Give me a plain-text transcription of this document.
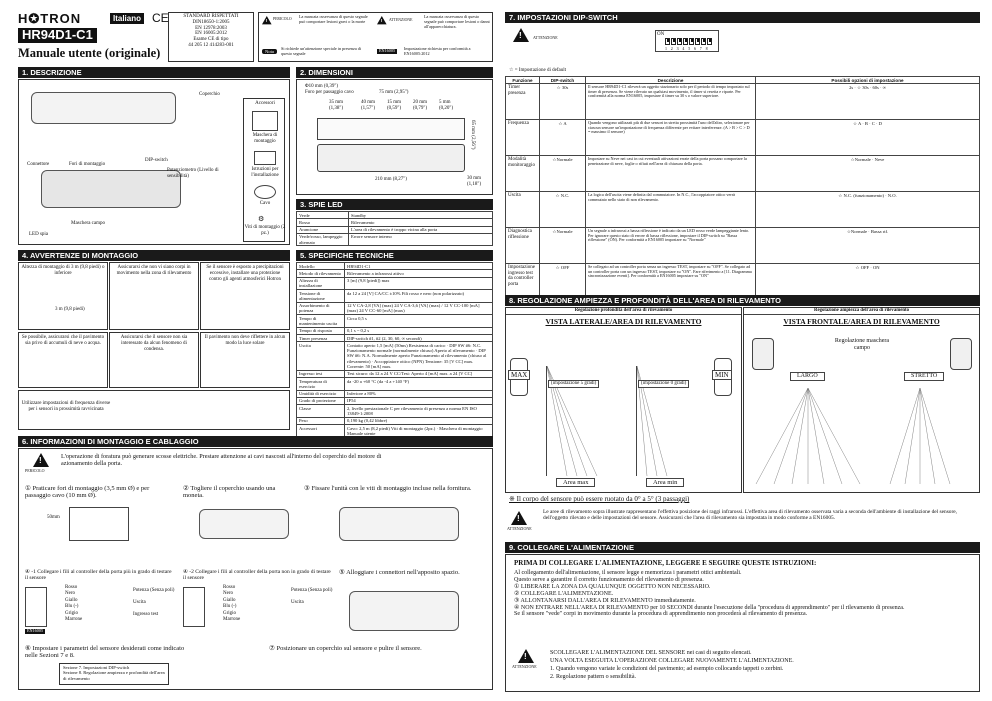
H✪TRON	Italiano CE
HR94D1-C1
Manuale utente (originale)
STANDARD RISPETTATI
DIN18650-1:2005
EN 12978:2003
EN 16005:2012
Esame CE di tipo
44 205 12 414283-001
!
PERICOLO La mancata osservanza di questo segnale può comportare lesioni gravi o la morte !	ATTENZIONE
La mancata osservanza di questo segnale può comportare lesioni o danni all'apparecchiatura.
Nota
Si richiede un'attenzione speciale in presenza di questo segnale
EN16005	Impostazione richiesta per conformità a EN16005:2012
1. DESCRIZIONE
Coperchio
Connettore	Fori di montaggio
DIP-switch
Potenziometro (Livello di sensibilità)
Maschera campo
LED spia
Accessori
Maschera di montaggio
Istruzioni per l'installazione
Cavo
⚙
Viti di montaggio (2 pz.)
2. DIMENSIONI
Φ10 mm (0,39")
Foro per passaggio cavo	75 mm (2,95")
35 mm (1,38")
40 mm (1,57")
15 mm (0,59")
20 mm (0,79")
5 mm (0,20")
210 mm (8,27")
65 mm (2,56")
30 mm (1,18")
3. SPIE LED
Verde	Standby
Rosso	Rilevamento
Arancione	L'area di rilevamento è troppo vicina alla porta
Verde/rosso, lampeggio alternato	Errore sensore interno
4. AVVERTENZE DI MONTAGGIO
Altezza di montaggio di 3 m (9,8 piedi) o inferiore
3 m (9,8 piedi)
Assicurarsi che non vi siano corpi in movimento nella zona di rilevamento
Se il sensore è esposto a precipitazioni eccessive, installare una protezione contro gli agenti atmosferici Hotron
Se possibile, assicurarsi che il pavimento sia privo di accumuli di neve o acqua.
Assicurarsi che il sensore non sia interessato da alcun fenomeno di condensa.
Il pavimento non deve riflettere in alcun modo la luce solare
Utilizzare impostazioni di frequenza diverse per i sensori in prossimità ravvicinata
5. SPECIFICHE TECNICHE
Modello	HR94D1-C1
Metodo di rilevamento	Rilevamento a infrarossi attivo
Altezza di installazione	3 [m] (9,8 [piedi]) max
Tensione di alimentazione	da 12 a 24 [V] CA/CC ±10% Fili rosso e nero (non polarizzato)
Assorbimento di potenza	12 V CA-2,8 [VA] (max) 24 V CA-3,6 [VA] (max) / 12 V CC-100 [mA] (max) 24 V CC-60 [mA] (max)
Tempo di mantenimento uscita	Circa 0,5 s
Tempo di risposta	0,1 s ~ 0,2 s
Timer presenza	DIP-switch #1, #2 (2, 30, 60, ∞ secondi)
Uscita	Contatto aperto 1,5 [mA] (50ms) Resistenza di carico · DIP SW #6: N.C. Funzionamento normale (normalmente chiuso) Aperto al rilevamento · DIP SW #6: N.A. Normalmente aperto Funzionamento al rilevamento (chiuso al rilevamento) · Accoppiatore ottico (NPN) Tensione: 35 [V CC] max. Corrente: 50 [mA] max.
Ingresso test	Test sicuro: da 12 a 24 V CC/Test: Aperto 4 [mA] max. a 24 [V CC]
Temperatura di esercizio	da -20 a +60 °C (da -4 a +140 °F)
Umidità di esercizio	Inferiore a 80%
Grado di protezione	IP54
Classe	2, livello prestazionale C per rilevamento di presenza a norma EN ISO 13849-1:2008
Peso	0,190 kg (0,42 libbre)
Accessori	Cavo: 2,5 m (8,2 piedi) Viti di montaggio (2pz.) · Maschera di montaggio Manuale utente
6. INFORMAZIONI DI MONTAGGIO E CABLAGGIO
!
PERICOLO
L'operazione di foratura può generare scosse elettriche. Prestare attenzione ai cavi nascosti all'interno del coperchio del motore di azionamento della porta.
① Praticare fori di montaggio (3,5 mm Ø) e per passaggio cavo (10 mm Ø).
50mm
② Togliere il coperchio usando una moneta.
③ Fissare l'unità con le viti di montaggio incluse nella fornitura.
④ -1 Collegare i fili al controller della porta più in grado di testare il sensore
Rosso
Nero
Giallo
Blu (-)
Grigio
Marrone
Potenza (Senza poli)
Uscita
Ingresso test
EN16005
④ -2 Collegare i fili al controller della porta non in grado di testare il sensore
Rosso
Nero
Giallo
Blu (-)
Grigio
Marrone
Potenza (Senza poli)
Uscita
⑤ Alloggiare i connettori nell'apposito spazio.
⑥ Impostare i parametri del sensore desiderati come indicato nelle Sezioni 7 e 8.
Sezione 7. Impostazioni DIP-switch
Sezione 8. Regolazione ampiezza e profondità dell'area di rilevamento
⑦ Posizionare un coperchio sul sensore e pulire il sensore.
7. IMPOSTAZIONI DIP-SWITCH
!
ATTENZIONE
ON
1 2 3 4 5 6 7 8
☆ = Impostazione di default
Funzione	DIP-switch	Descrizione	Possibili opzioni di impostazione
Timer presenza	☆ 30s	Il sensore HR94D1-C1 rileverà un oggetto stazionario solo per il periodo di tempo impostato sul timer di presenza. Se viene rilevato un qualsiasi movimento, il timer si resetta e riparte. Per conformità alla norma EN16005, impostare il timer su 30 s o valore superiore.	2s · ☆ 30s · 60s · ∞
Frequenza	☆ A	Quando vengono utilizzati più di due sensori in stretta prossimità l'uno dell'altro, selezionare per ciascun sensore un'impostazione di frequenza differente per evitare interferenze. (A > B > C > D = massimo il sensore)	☆ A · B · C · D
Modalità monitoraggio	☆Normale	Impostare su Neve nei casi in cui eventuali attivazioni errate della porta possano comportare la penetrazione di neve, foglie o rifiuti nell'area di chiusura della porta.	☆Normale · Neve
Uscita	☆ N.C.	La logica dell'uscita viene definita dal commutatore. In N.C., l'accoppiatore ottico verrà commutato nello stato di non rilevamento.	☆ N.C. (funzionamento) · N.O.
Diagnostica riflessione	☆Normale	Un segnale a infrarossi a bassa riflessione è indicato da un LED rosso verde lampeggiante lento. Per ignorare questo stato di errore di bassa riflessione, impostare il DIP-switch su "Bassa riflessione" (ON). Per conformità a EN16005 impostare su "Normale"	☆Normale · Bassa rif.
Impostazione ingresso test da controller porta	☆ OFF	Se collegato ad un controller porta senza un ingresso TEST, impostare su "OFF". Se collegato ad un controller porta con un ingresso TEST, impostare su "ON". Fare riferimento a [11. Diagramma sincronizzazione eventi]. Per conformità a EN16005 impostare su "ON"	☆ OFF · ON
8. REGOLAZIONE AMPIEZZA E PROFONDITÀ DELL'AREA DI RILEVAMENTO
Regolazione profondità dell'area di rilevamento
VISTA LATERALE/AREA DI RILEVAMENTO
MAX	MIN
(impostazione 5 gradi)	(impostazione 0 gradi)
Area max	Area min
Regolazione ampiezza dell'area di rilevamento
VISTA FRONTALE/AREA DI RILEVAMENTO
Regolazione maschera campo
LARGO	STRETTO
※ Il corpo del sensore può essere ruotato da 0° a 5° (3 passaggi)
!
ATTENZIONE
Le aree di rilevamento sopra illustrate rappresentano l'effettiva posizione dei raggi infrarossi. L'effettiva area di rilevamento osservata varia a seconda dell'ambiente di installazione del sensore, dell'oggetto rilevato e delle impostazioni del sensore. Assicurarsi che l'area di rilevamento sia impostata in modo conforme a EN16005.
9. COLLEGARE L'ALIMENTAZIONE
PRIMA DI COLLEGARE L'ALIMENTAZIONE, LEGGERE E SEGUIRE QUESTE ISTRUZIONI:
Al collegamento dell'alimentazione, il sensore legge e memorizza i parametri ottici ambientali.
Questo serve a garantire il corretto funzionamento del rilevamento di presenza.
① LIBERARE LA ZONA DA QUALUNQUE OGGETTO NON NECESSARIO.
② COLLEGARE L'ALIMENTAZIONE.
③ ALLONTANARSI DALL'AREA DI RILEVAMENTO immediatamente.
④ NON ENTRARE NELL'AREA DI RILEVAMENTO per 10 SECONDI durante l'esecuzione della "procedura di apprendimento" per il rilevamento di presenza.
Se il sensore "vede" corpi in movimento durante la procedura di apprendimento non procederà al rilevamento di presenza.
!
ATTENZIONE
SCOLLEGARE L'ALIMENTAZIONE DEL SENSORE nei casi di seguito elencati.
UNA VOLTA ESEGUITA L'OPERAZIONE COLLEGARE NUOVAMENTE L'ALIMENTAZIONE.
1. Quando vengono variate le condizioni del pavimento; ad esempio collocando tappeti o zerbini.
2. Regolazione pattern o sensibilità.
